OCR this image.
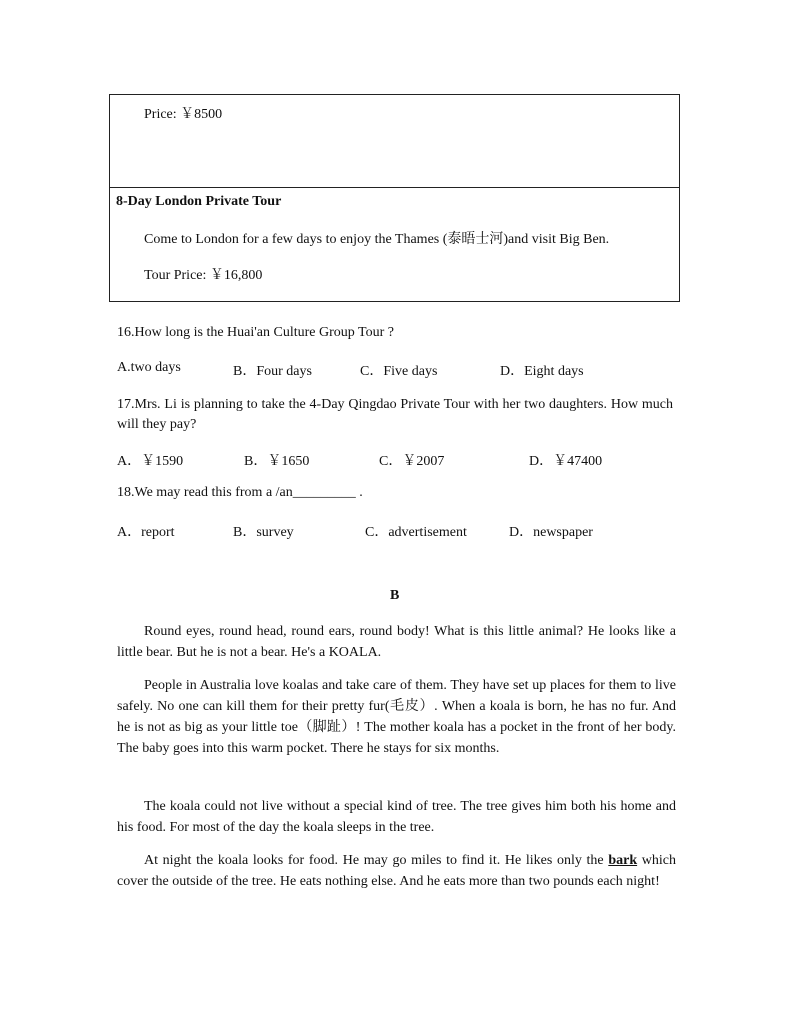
Price: ￥8500
8-Day London Private Tour
Come to London for a few days to enjoy the Thames (泰晤士河)and visit Big Ben.
Tour Price: ￥16,800
16.How long is the Huai'an Culture Group Tour ?
A.two days	B．Four days	C．Five days	D．Eight days
17.Mrs. Li is planning to take the 4-Day Qingdao Private Tour with her two daughters. How much will they pay?
A．￥1590	B．￥1650	C．￥2007	D．￥47400
18.We may read this from a /an_________ .
A．report	B．survey	C．advertisement	D．newspaper
B
Round eyes, round head, round ears, round body! What is this little animal? He looks like a little bear. But he is not a bear. He's a KOALA.
People in Australia love koalas and take care of them. They have set up places for them to live safely. No one can kill them for their pretty fur(毛皮）. When a koala is born, he has no fur. And he is not as big as your little toe（脚趾）! The mother koala has a pocket in the front of her body. The baby goes into this warm pocket. There he stays for six months.
The koala could not live without a special kind of tree. The tree gives him both his home and his food. For most of the day the koala sleeps in the tree.
At night the koala looks for food. He may go miles to find it. He likes only the bark which cover the outside of the tree. He eats nothing else. And he eats more than two pounds each night!
